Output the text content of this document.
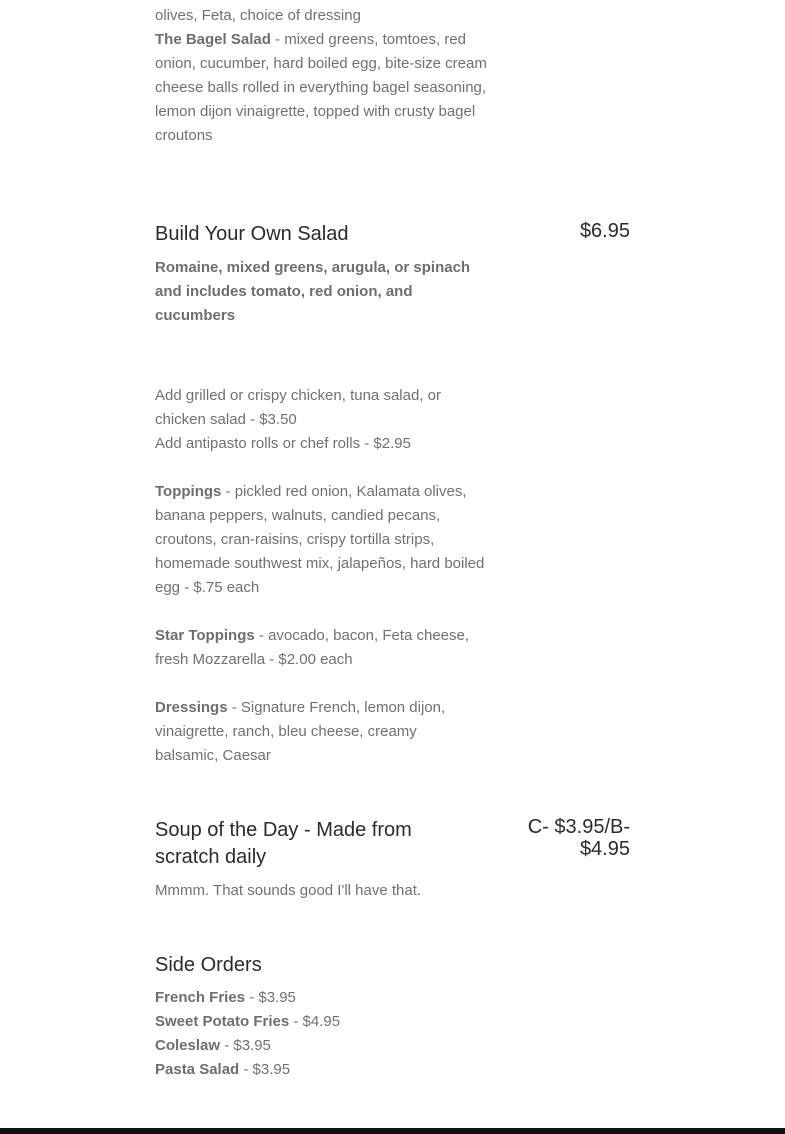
olives, Feta, choice of dressing

The Bagel Salad - mixed greens, tomtoes, red onion, cucumber, hard boiled egg, bite-size cream cheese balls rolled in everything bagel seasoning, lemon dijon vinaigrette, topped with crusty bagel croutons

Build Your Own Salad	$6.95

Romaine, mixed greens, arugula, or spinach and includes tomato, red onion, and cucumbers

Add grilled or crispy chicken, tuna salad, or chicken salad - $3.50

Add antipasto rolls or chef rolls - $2.95

Toppings - pickled red onion, Kalamata olives, banana peppers, walnuts, candied pecans, croutons, cran-raisins, crispy tortilla strips, homemade southwest mix, jalapeños, hard boiled egg - $.75 each

Star Toppings - avocado, bacon, Feta cheese, fresh Mozzarella - $2.00 each

Dressings - Signature French, lemon dijon, vinaigrette, ranch, bleu cheese, creamy balsamic, Caesar

Soup of the Day - Made from scratch daily

C- $3.95/B- $4.95

Mmmm. That sounds good I'll have that.

Side Orders
French Fries - $3.95
Sweet Potato Fries - $4.95
Coleslaw - $3.95
Pasta Salad - $3.95
